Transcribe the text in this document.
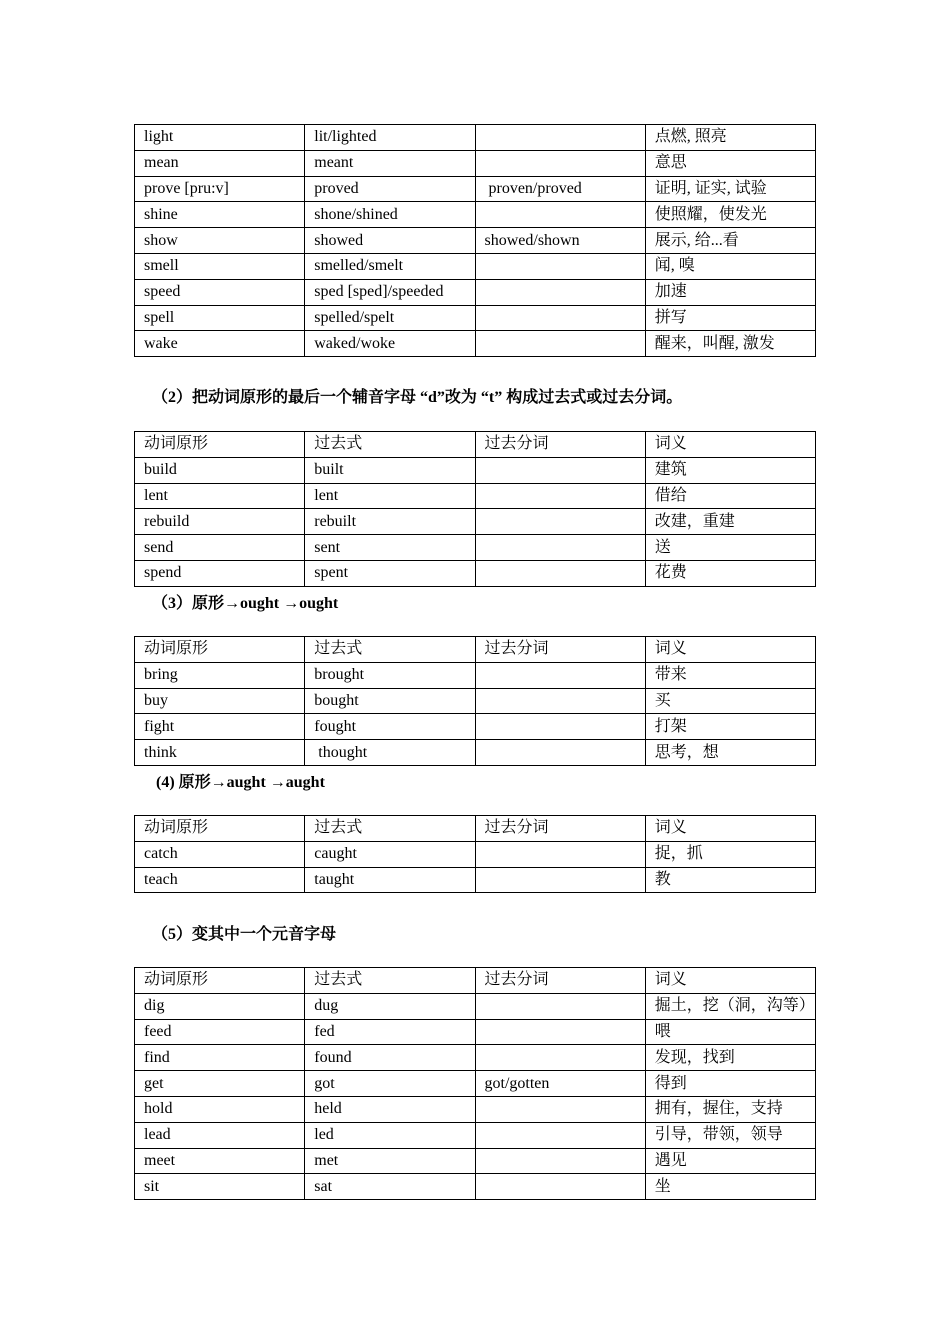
light	lit/lighted		点燃, 照亮
mean	meant		意思
prove [pru:v]	proved	proven/proved	证明, 证实, 试验
shine	shone/shined		使照耀，使发光
show	showed	showed/shown	展示, 给...看
smell	smelled/smelt		闻, 嗅
speed	sped [sped]/speeded		加速
spell	spelled/spelt		拼写
wake	waked/woke		醒来，叫醒, 激发
（2）把动词原形的最后一个辅音字母 “d”改为 “t” 构成过去式或过去分词。
动词原形	过去式	过去分词	词义
build	built		建筑
lent	lent		借给
rebuild	rebuilt		改建，重建
send	sent		送
spend	spent		花费
（3）原形→ought →ought
动词原形	过去式	过去分词	词义
bring	brought		带来
buy	bought		买
fight	fought		打架
think	thought		思考，想
(4) 原形→aught →aught
动词原形	过去式	过去分词	词义
catch	caught		捉，抓
teach	taught		教
（5）变其中一个元音字母
动词原形	过去式	过去分词	词义
dig	dug		掘土，挖（洞，沟等）
feed	fed		喂
find	found		发现，找到
get	got	got/gotten	得到
hold	held		拥有，握住，支持
lead	led		引导，带领，领导
meet	met		遇见
sit	sat		坐
